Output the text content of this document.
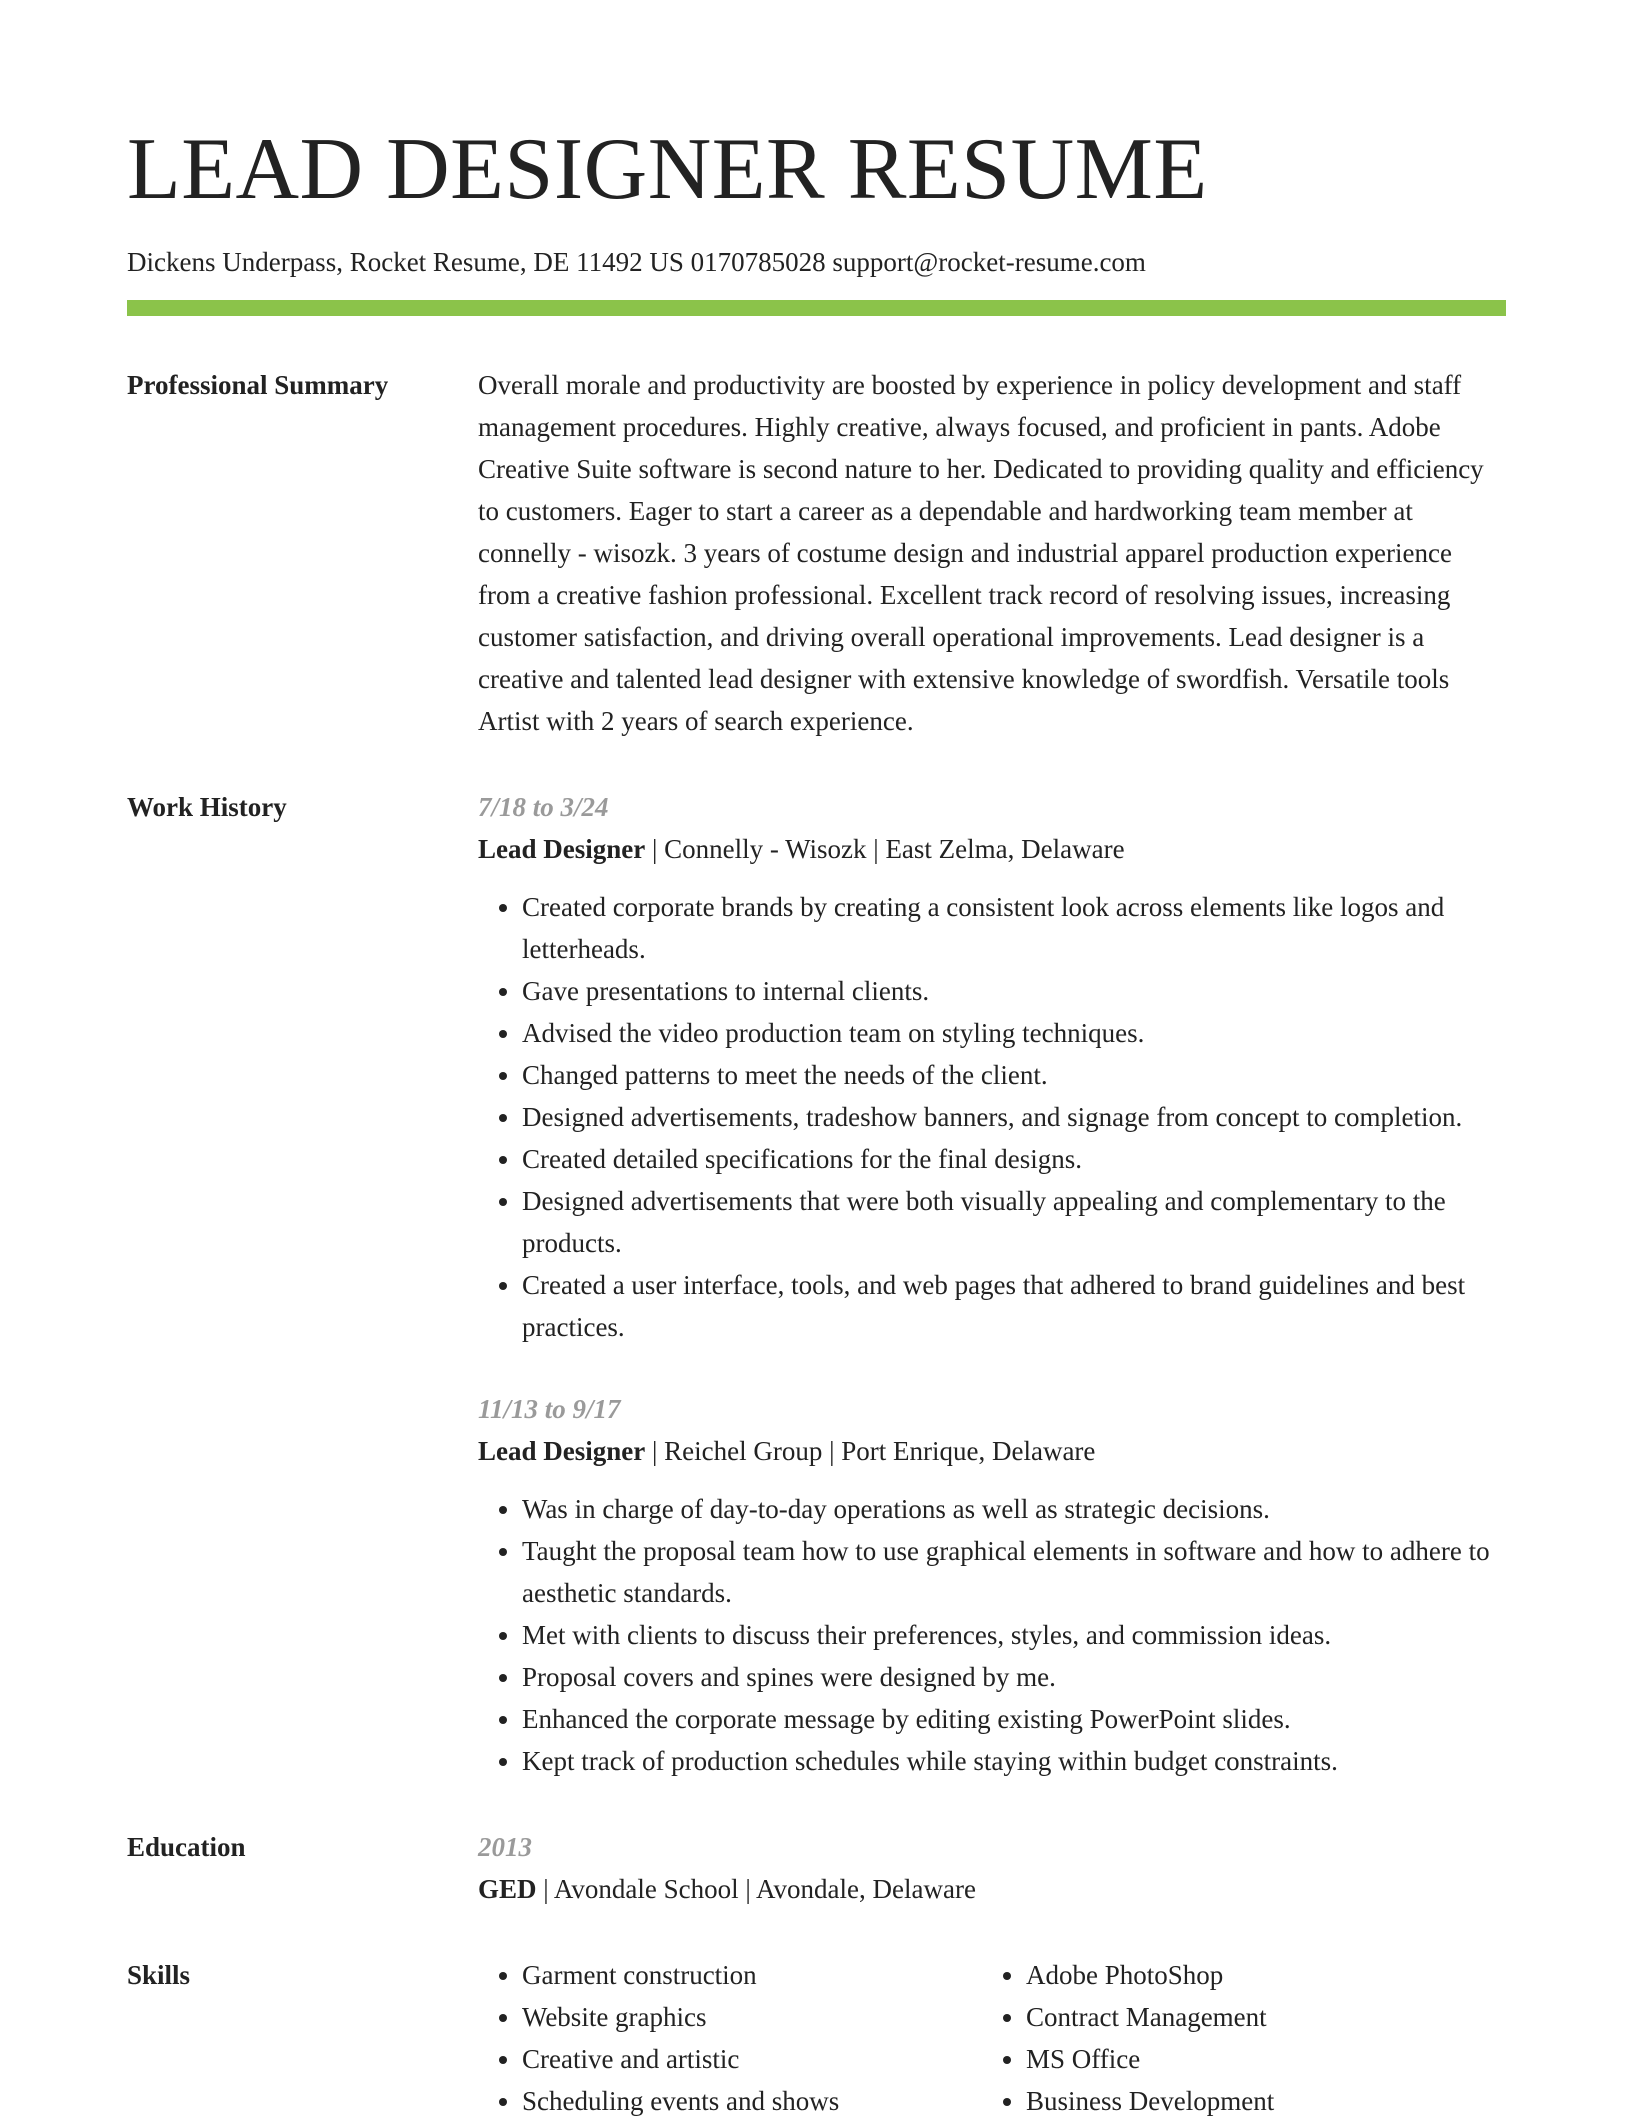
LEAD DESIGNER RESUME
Dickens Underpass, Rocket Resume, DE 11492 US 0170785028 support@rocket-resume.com
Professional Summary	Overall morale and productivity are boosted by experience in policy development and staff management procedures. Highly creative, always focused, and proficient in pants. Adobe Creative Suite software is second nature to her. Dedicated to providing quality and efficiency to customers. Eager to start a career as a dependable and hardworking team member at connelly - wisozk. 3 years of costume design and industrial apparel production experience from a creative fashion professional. Excellent track record of resolving issues, increasing customer satisfaction, and driving overall operational improvements. Lead designer is a creative and talented lead designer with extensive knowledge of swordfish. Versatile tools Artist with 2 years of search experience.

Work History	7/18 to 3/24
Lead Designer | Connelly - Wisozk | East Zelma, Delaware
• Created corporate brands by creating a consistent look across elements like logos and letterheads.
• Gave presentations to internal clients.
• Advised the video production team on styling techniques.
• Changed patterns to meet the needs of the client.
• Designed advertisements, tradeshow banners, and signage from concept to completion.
• Created detailed specifications for the final designs.
• Designed advertisements that were both visually appealing and complementary to the products.
• Created a user interface, tools, and web pages that adhered to brand guidelines and best practices.
11/13 to 9/17
Lead Designer | Reichel Group | Port Enrique, Delaware
• Was in charge of day-to-day operations as well as strategic decisions.
• Taught the proposal team how to use graphical elements in software and how to adhere to aesthetic standards.
• Met with clients to discuss their preferences, styles, and commission ideas.
• Proposal covers and spines were designed by me.
• Enhanced the corporate message by editing existing PowerPoint slides.
• Kept track of production schedules while staying within budget constraints.
Education	2013
GED | Avondale School | Avondale, Delaware
Skills
•	Garment construction
• Website graphics
• Creative and artistic
• Scheduling events and shows
• Adobe PhotoShop
• Contract Management
• MS Office
• Business Development
